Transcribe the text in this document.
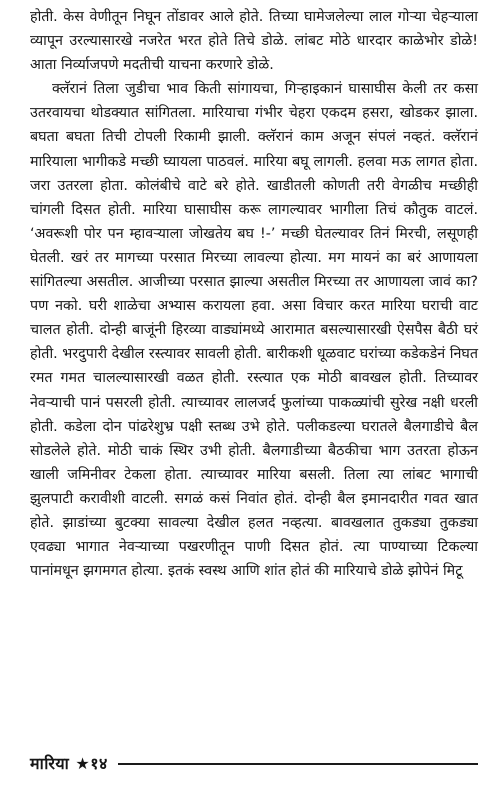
होती. केस वेणीतून निघून तोंडावर आले होते. तिच्या घामेजलेल्या लाल गोऱ्या चेहऱ्याला व्यापून उरल्यासारखे नजरेत भरत होते तिचे डोळे. लांबट मोठे धारदार काळेभोर डोळे! आता निर्व्याजपणे मदतीची याचना करणारे डोळे.

क्लॅरानं तिला जुडीचा भाव किती सांगायचा, गिऱ्हाइकानं घासाघीस केली तर कसा उतरवायचा थोडक्यात सांगितला. मारियाचा गंभीर चेहरा एकदम हसरा, खोडकर झाला. बघता बघता तिची टोपली रिकामी झाली. क्लॅरानं काम अजून संपलं नव्हतं. क्लॅरानं मारियाला भागीकडे मच्छी घ्यायला पाठवलं. मारिया बघू लागली. हलवा मऊ लागत होता. जरा उतरला होता. कोलंबीचे वाटे बरे होते. खाडीतली कोणती तरी वेगळीच मच्छीही चांगली दिसत होती. मारिया घासाघीस करू लागल्यावर भागीला तिचं कौतुक वाटलं. ‘अवरूशी पोर पन म्हावऱ्याला जोखतेय बघ !-’ मच्छी घेतल्यावर तिनं मिरची, लसूणही घेतली. खरं तर मागच्या परसात मिरच्या लावल्या होत्या. मग मायनं का बरं आणायला सांगितल्या असतील. आजीच्या परसात झाल्या असतील मिरच्या तर आणायला जावं का? पण नको. घरी शाळेचा अभ्यास करायला हवा. असा विचार करत मारिया घराची वाट चालत होती. दोन्ही बाजूंनी हिरव्या वाड्यांमध्ये आरामात बसल्यासारखी ऐसपैस बैठी घरं होती. भरदुपारी देखील रस्त्यावर सावली होती. बारीकशी धूळवाट घरांच्या कडेकडेनं निघत रमत गमत चालल्यासारखी वळत होती. रस्त्यात एक मोठी बावखल होती. तिच्यावर नेवऱ्याची पानं पसरली होती. त्याच्यावर लालजर्द फुलांच्या पाकळ्यांची सुरेख नक्षी धरली होती. कडेला दोन पांढरेशुभ्र पक्षी स्तब्ध उभे होते. पलीकडल्या घरातले बैलगाडीचे बैल सोडलेले होते. मोठी चाकं स्थिर उभी होती. बैलगाडीच्या बैठकीचा भाग उतरता होऊन खाली जमिनीवर टेकला होता. त्याच्यावर मारिया बसली. तिला त्या लांबट भागाची झुलपाटी करावीशी वाटली. सगळं कसं निवांत होतं. दोन्ही बैल इमानदारीत गवत खात होते. झाडांच्या बुटक्या सावल्या देखील हलत नव्हत्या. बावखलात तुकड्या तुकड्या एवढ्या भागात नेवऱ्याच्या पखरणीतून पाणी दिसत होतं. त्या पाण्याच्या टिकल्या पानांमधून झगमगत होत्या. इतकं स्वस्थ आणि शांत होतं की मारियाचे डोळे झोपेनं मिटू

मारिया ★१४
